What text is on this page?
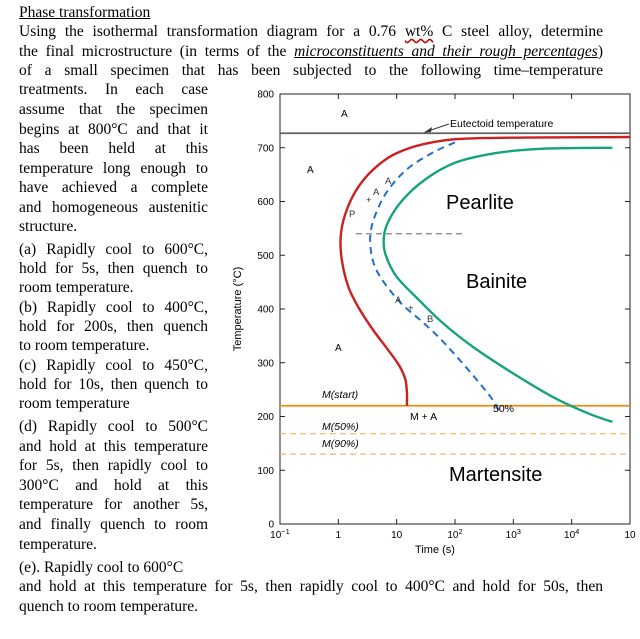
Phase transformation
Using the isothermal transformation diagram for a 0.76 wt% C steel alloy, determine
the final microstructure (in terms of the microconstituents and their rough percentages)
of a small specimen that has been subjected to the following time–temperature
treatments. In each case
assume that the specimen
begins at 800°C and that it
has been held at this
temperature long enough to
have achieved a complete
and homogeneous austenitic
structure.
(a) Rapidly cool to 600°C,
hold for 5s, then quench to
room temperature.
(b) Rapidly cool to 400°C,
hold for 200s, then quench
to room temperature.
(c) Rapidly cool to 450°C,
hold for 10s, then quench to
room temperature
(d) Rapidly cool to 500°C
and hold at this temperature
for 5s, then rapidly cool to
300°C and hold at this
temperature for another 5s,
and finally quench to room
temperature.
(e). Rapidly cool to 600°C
and hold at this temperature for 5s, then rapidly cool to 400°C and hold for 50s, then
quench to room temperature.
0
100
200
300
400
500
600
700
800
$10^{-1}$	1	10	$10^2$	$10^3$	$10^4$	10
Temperature (°C)
Time (s)
Eutectoid temperature
Pearlite
Bainite
Martensite
M(start)
M(50%)
M(90%)
M + A
50%
A
A
A
A
+
P
A
A
+
B
